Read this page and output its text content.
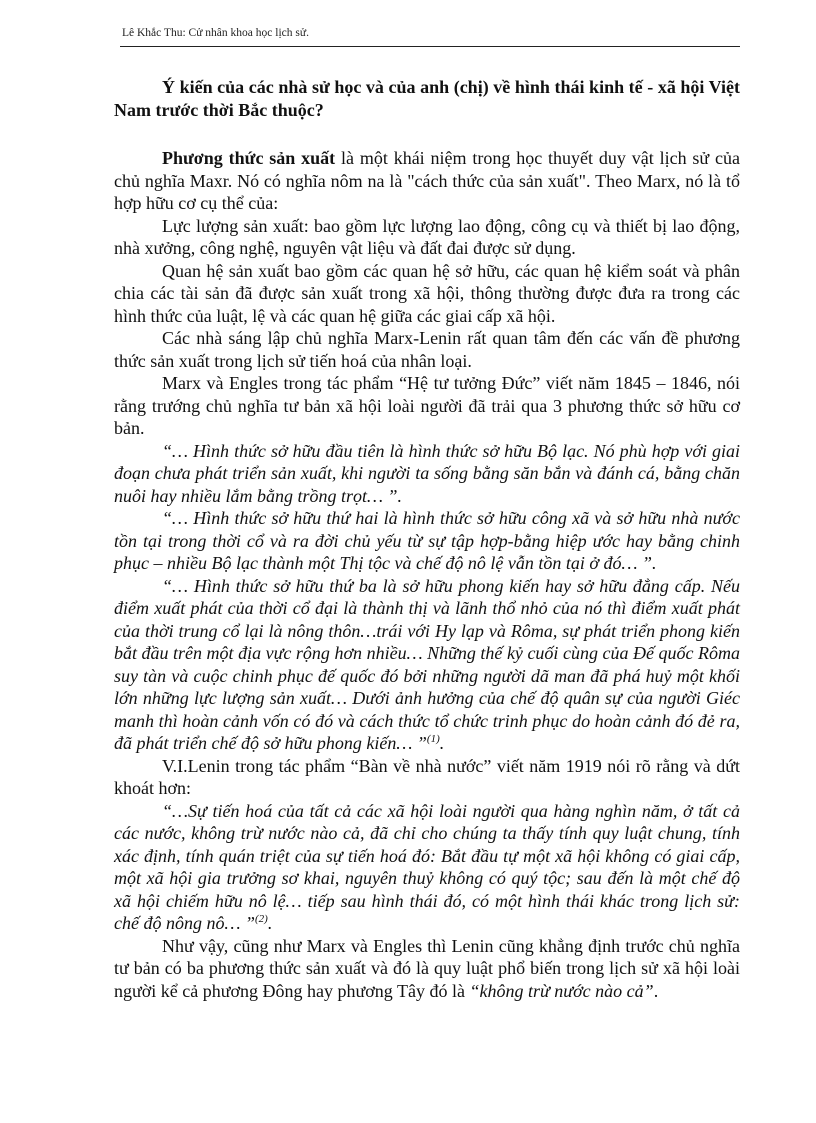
Lê Khắc Thu: Cử nhân khoa học lịch sử.
Ý kiến của các nhà sử học và của anh (chị) về hình thái kinh tế - xã hội Việt Nam trước thời Bắc thuộc?

Phương thức sản xuất là một khái niệm trong học thuyết duy vật lịch sử của chủ nghĩa Maxr. Nó có nghĩa nôm na là "cách thức của sản xuất". Theo Marx, nó là tổ hợp hữu cơ cụ thể của:

Lực lượng sản xuất: bao gồm lực lượng lao động, công cụ và thiết bị lao động, nhà xưởng, công nghệ, nguyên vật liệu và đất đai được sử dụng.

Quan hệ sản xuất bao gồm các quan hệ sở hữu, các quan hệ kiểm soát và phân chia các tài sản đã được sản xuất trong xã hội, thông thường được đưa ra trong các hình thức của luật, lệ và các quan hệ giữa các giai cấp xã hội.

Các nhà sáng lập chủ nghĩa Marx-Lenin rất quan tâm đến các vấn đề phương thức sản xuất trong lịch sử tiến hoá của nhân loại.

Marx và Engles trong tác phẩm “Hệ tư tưởng Đức” viết năm 1845 – 1846, nói rằng trướng chủ nghĩa tư bản xã hội loài người đã trải qua 3 phương thức sở hữu cơ bản.

“… Hình thức sở hữu đầu tiên là hình thức sở hữu Bộ lạc. Nó phù hợp với giai đoạn chưa phát triển sản xuất, khi người ta sống bằng săn bắn và đánh cá, bằng chăn nuôi hay nhiều lắm bằng trồng trọt… ”.

“… Hình thức sở hữu thứ hai là hình thức sở hữu công xã và sở hữu nhà nước tồn tại trong thời cổ và ra đời chủ yếu từ sự tập hợp-bằng hiệp ước hay bằng chinh phục – nhiều Bộ lạc thành một Thị tộc và chế độ nô lệ vẫn tồn tại ở đó… ”.

“… Hình thức sở hữu thứ ba là sở hữu phong kiến hay sở hữu đẳng cấp. Nếu điểm xuất phát của thời cổ đại là thành thị và lãnh thổ nhỏ của nó thì điểm xuất phát của thời trung cổ lại là nông thôn…trái với Hy lạp và Rôma, sự phát triển phong kiến bắt đầu trên một địa vực rộng hơn nhiều… Những thế kỷ cuối cùng của Đế quốc Rôma suy tàn và cuộc chinh phục đế quốc đó bởi những người dã man đã phá huỷ một khối lớn những lực lượng sản xuất… Dưới ảnh hưởng của chế độ quân sự của người Giéc manh thì hoàn cảnh vốn có đó và cách thức tổ chức trinh phục do hoàn cảnh đó đẻ ra, đã phát triển chế độ sở hữu phong kiến… ”$^{(1)}$.

V.I.Lenin trong tác phẩm “Bàn về nhà nước” viết năm 1919 nói rõ rằng và dứt khoát hơn:

“…Sự tiến hoá của tất cả các xã hội loài người qua hàng nghìn năm, ở tất cả các nước, không trừ nước nào cả, đã chỉ cho chúng ta thấy tính quy luật chung, tính xác định, tính quán triệt của sự tiến hoá đó: Bắt đầu tự một xã hội không có giai cấp, một xã hội gia trưởng sơ khai, nguyên thuỷ không có quý tộc; sau đến là một chế độ xã hội chiếm hữu nô lệ… tiếp sau hình thái đó, có một hình thái khác trong lịch sử: chế độ nông nô… ”$^{(2)}$.

Như vậy, cũng như Marx và Engles thì Lenin cũng khẳng định trước chủ nghĩa tư bản có ba phương thức sản xuất và đó là quy luật phổ biến trong lịch sử xã hội loài người kể cả phương Đông hay phương Tây đó là “không trừ nước nào cả”.
